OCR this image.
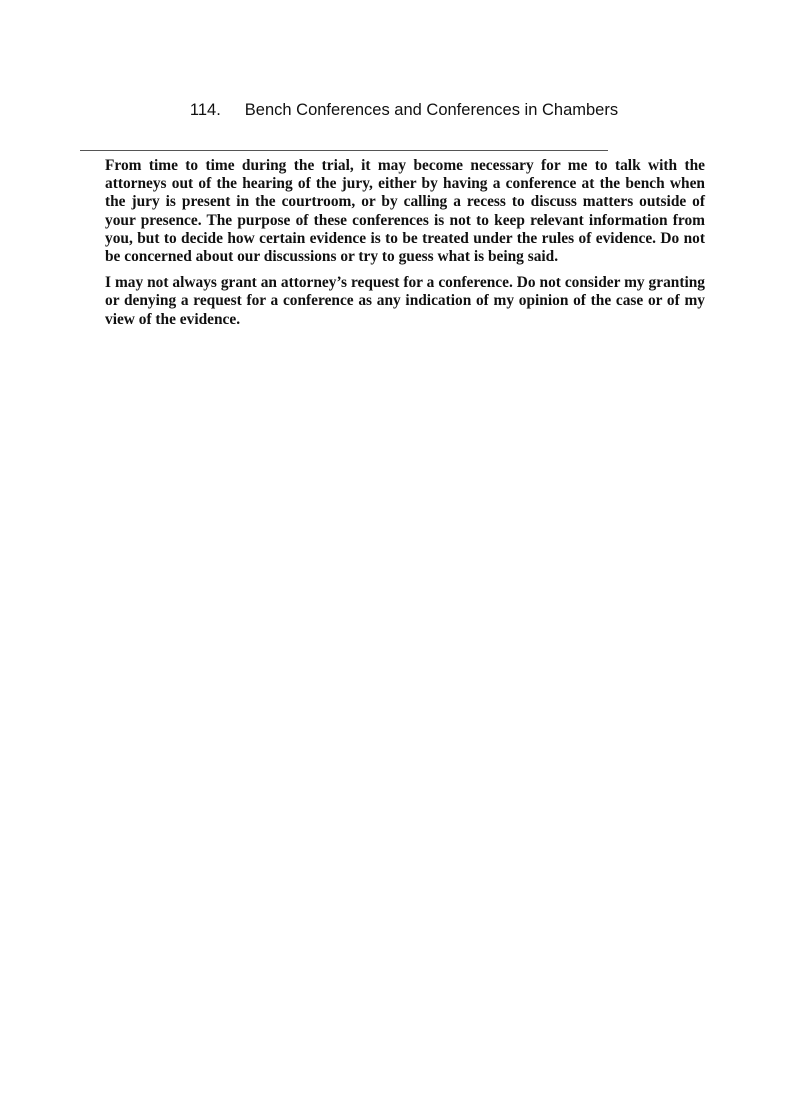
114. Bench Conferences and Conferences in Chambers

From time to time during the trial, it may become necessary for me to talk with the attorneys out of the hearing of the jury, either by having a conference at the bench when the jury is present in the courtroom, or by calling a recess to discuss matters outside of your presence. The purpose of these conferences is not to keep relevant information from you, but to decide how certain evidence is to be treated under the rules of evidence. Do not be concerned about our discussions or try to guess what is being said.

I may not always grant an attorney’s request for a conference. Do not consider my granting or denying a request for a conference as any indication of my opinion of the case or of my view of the evidence.
